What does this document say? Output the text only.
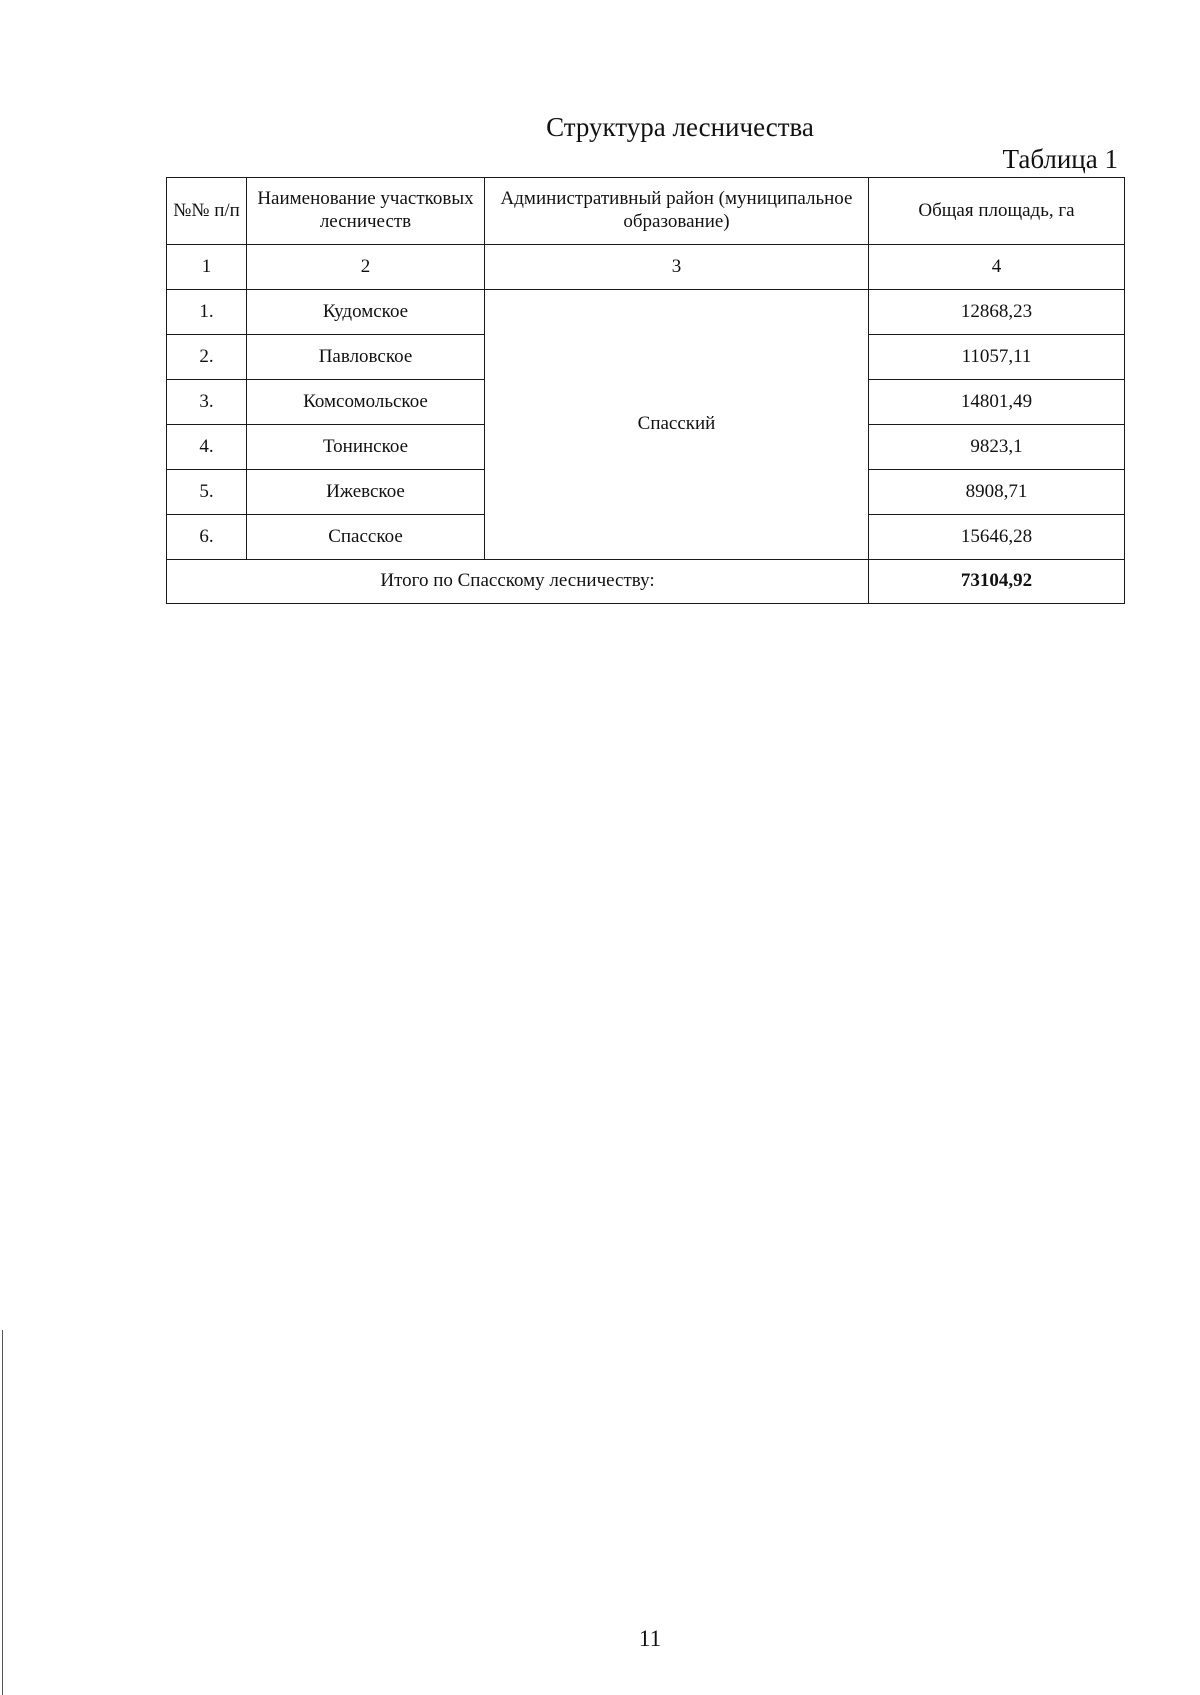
Структура лесничества
Таблица 1
№№ п/п	Наименование участковых лесничеств	Административный район (муниципальное образование)	Общая площадь, га
1	2	3	4
1.	Кудомское	Спасский	12868,23
2.	Павловское		11057,11
3.	Комсомольское		14801,49
4.	Тонинское		9823,1
5.	Ижевское		8908,71
6.	Спасское		15646,28
Итого по Спасскому лесничеству:			73104,92
11
